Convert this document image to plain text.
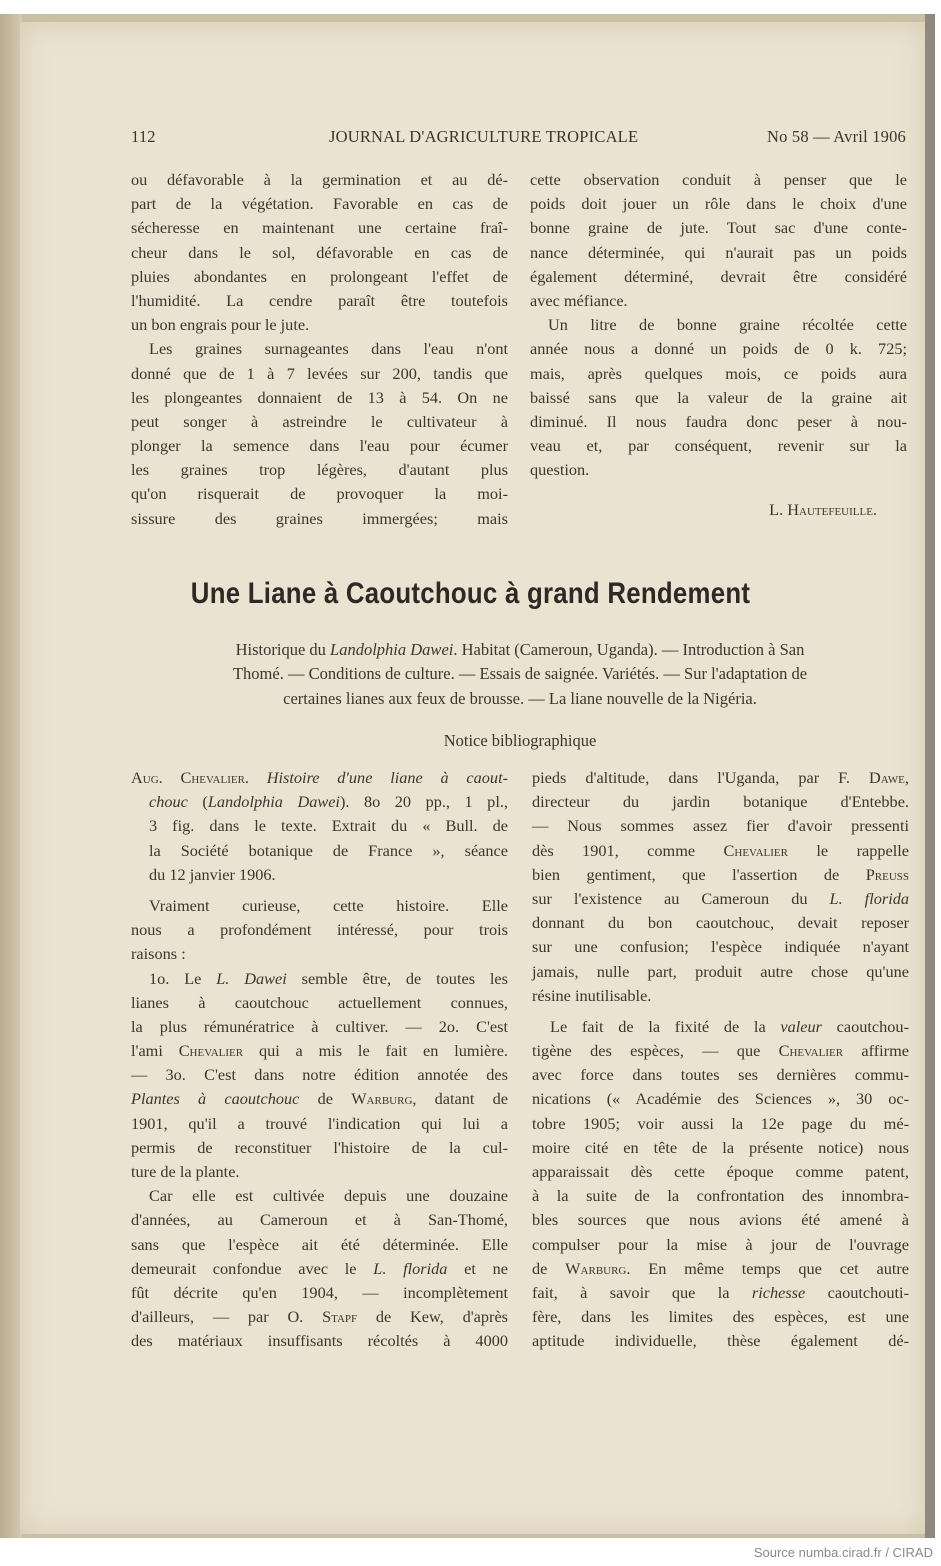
112	JOURNAL D'AGRICULTURE TROPICALE	No 58 — Avril 1906
ou défavorable à la germination et au dé-
part de la végétation. Favorable en cas de
sécheresse en maintenant une certaine fraî-
cheur dans le sol, défavorable en cas de
pluies abondantes en prolongeant l'effet de
l'humidité. La cendre paraît être toutefois
un bon engrais pour le jute.
Les graines surnageantes dans l'eau n'ont
donné que de 1 à 7 levées sur 200, tandis que
les plongeantes donnaient de 13 à 54. On ne
peut songer à astreindre le cultivateur à
plonger la semence dans l'eau pour écumer
les graines trop légères, d'autant plus
qu'on risquerait de provoquer la moi-
sissure des graines immergées; mais
cette observation conduit à penser que le
poids doit jouer un rôle dans le choix d'une
bonne graine de jute. Tout sac d'une conte-
nance déterminée, qui n'aurait pas un poids
également déterminé, devrait être considéré
avec méfiance.
Un litre de bonne graine récoltée cette
année nous a donné un poids de 0 k. 725;
mais, après quelques mois, ce poids aura
baissé sans que la valeur de la graine ait
diminué. Il nous faudra donc peser à nou-
veau et, par conséquent, revenir sur la
question.
L. Hautefeuille.
Une Liane à Caoutchouc à grand Rendement
Historique du Landolphia Dawei. Habitat (Cameroun, Uganda). — Introduction à San
Thomé. — Conditions de culture. — Essais de saignée. Variétés. — Sur l'adaptation de
certaines lianes aux feux de brousse. — La liane nouvelle de la Nigéria.
Notice bibliographique
Aug. Chevalier. Histoire d'une liane à caout-
chouc (Landolphia Dawei). 8o 20 pp., 1 pl.,
3 fig. dans le texte. Extrait du « Bull. de
la Société botanique de France », séance
du 12 janvier 1906.
Vraiment curieuse, cette histoire. Elle
nous a profondément intéressé, pour trois
raisons :
1o. Le L. Dawei semble être, de toutes les
lianes à caoutchouc actuellement connues,
la plus rémunératrice à cultiver. — 2o. C'est
l'ami Chevalier qui a mis le fait en lumière.
— 3o. C'est dans notre édition annotée des
Plantes à caoutchouc de Warburg, datant de
1901, qu'il a trouvé l'indication qui lui a
permis de reconstituer l'histoire de la cul-
ture de la plante.
Car elle est cultivée depuis une douzaine
d'années, au Cameroun et à San-Thomé,
sans que l'espèce ait été déterminée. Elle
demeurait confondue avec le L. florida et ne
fût décrite qu'en 1904, — incomplètement
d'ailleurs, — par O. Stapf de Kew, d'après
des matériaux insuffisants récoltés à 4000
pieds d'altitude, dans l'Uganda, par F. Dawe,
directeur du jardin botanique d'Entebbe.
— Nous sommes assez fier d'avoir pressenti
dès 1901, comme Chevalier le rappelle
bien gentiment, que l'assertion de Preuss
sur l'existence au Cameroun du L. florida
donnant du bon caoutchouc, devait reposer
sur une confusion; l'espèce indiquée n'ayant
jamais, nulle part, produit autre chose qu'une
résine inutilisable.
Le fait de la fixité de la valeur caoutchou-
tigène des espèces, — que Chevalier affirme
avec force dans toutes ses dernières commu-
nications (« Académie des Sciences », 30 oc-
tobre 1905; voir aussi la 12e page du mé-
moire cité en tête de la présente notice) nous
apparaissait dès cette époque comme patent,
à la suite de la confrontation des innombra-
bles sources que nous avions été amené à
compulser pour la mise à jour de l'ouvrage
de Warburg. En même temps que cet autre
fait, à savoir que la richesse caoutchouti-
fère, dans les limites des espèces, est une
aptitude individuelle, thèse également dé-
Source numba.cirad.fr / CIRAD
